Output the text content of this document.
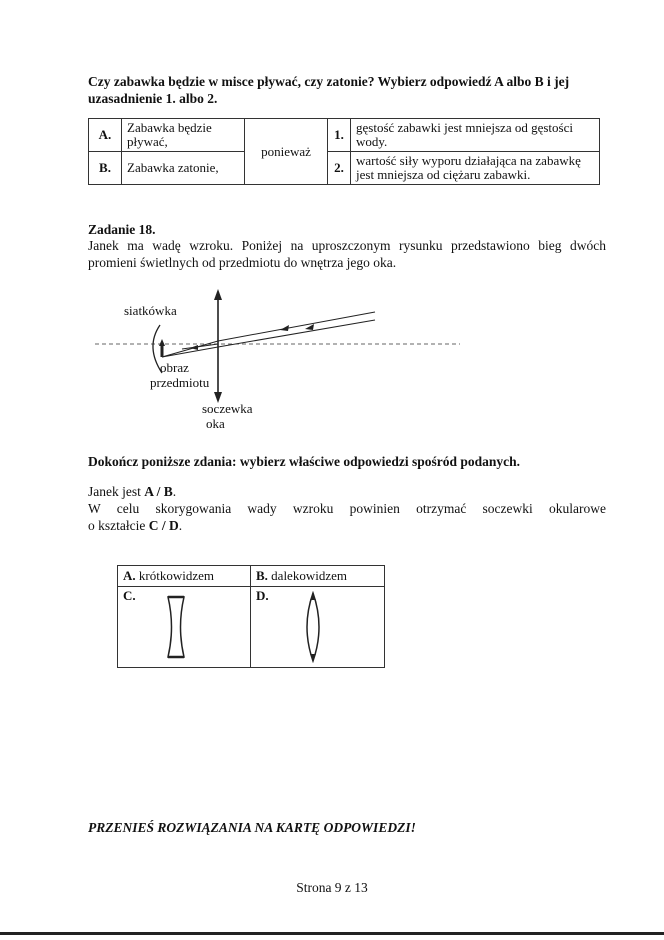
Czy zabawka będzie w misce pływać, czy zatonie? Wybierz odpowiedź A albo B i jej uzasadnienie 1. albo 2.
A.	Zabawka będzie pływać,	ponieważ	1.	gęstość zabawki jest mniejsza od gęstości wody.
B.	Zabawka zatonie,		2.	wartość siły wyporu działająca na zabawkę jest mniejsza od ciężaru zabawki.
Zadanie 18.
Janek ma wadę wzroku. Poniżej na uproszczonym rysunku przedstawiono bieg dwóch promieni świetlnych od przedmiotu do wnętrza jego oka.
siatkówka
obraz
przedmiotu
soczewka
oka
Dokończ poniższe zdania: wybierz właściwe odpowiedzi spośród podanych.
Janek jest A / B.
W celu skorygowania wady wzroku powinien otrzymać soczewki okularowe
o kształcie C / D.
A. krótkowidzem	B. dalekowidzem
C.	D.
PRZENIEŚ ROZWIĄZANIA NA KARTĘ ODPOWIEDZI!
Strona 9 z 13
